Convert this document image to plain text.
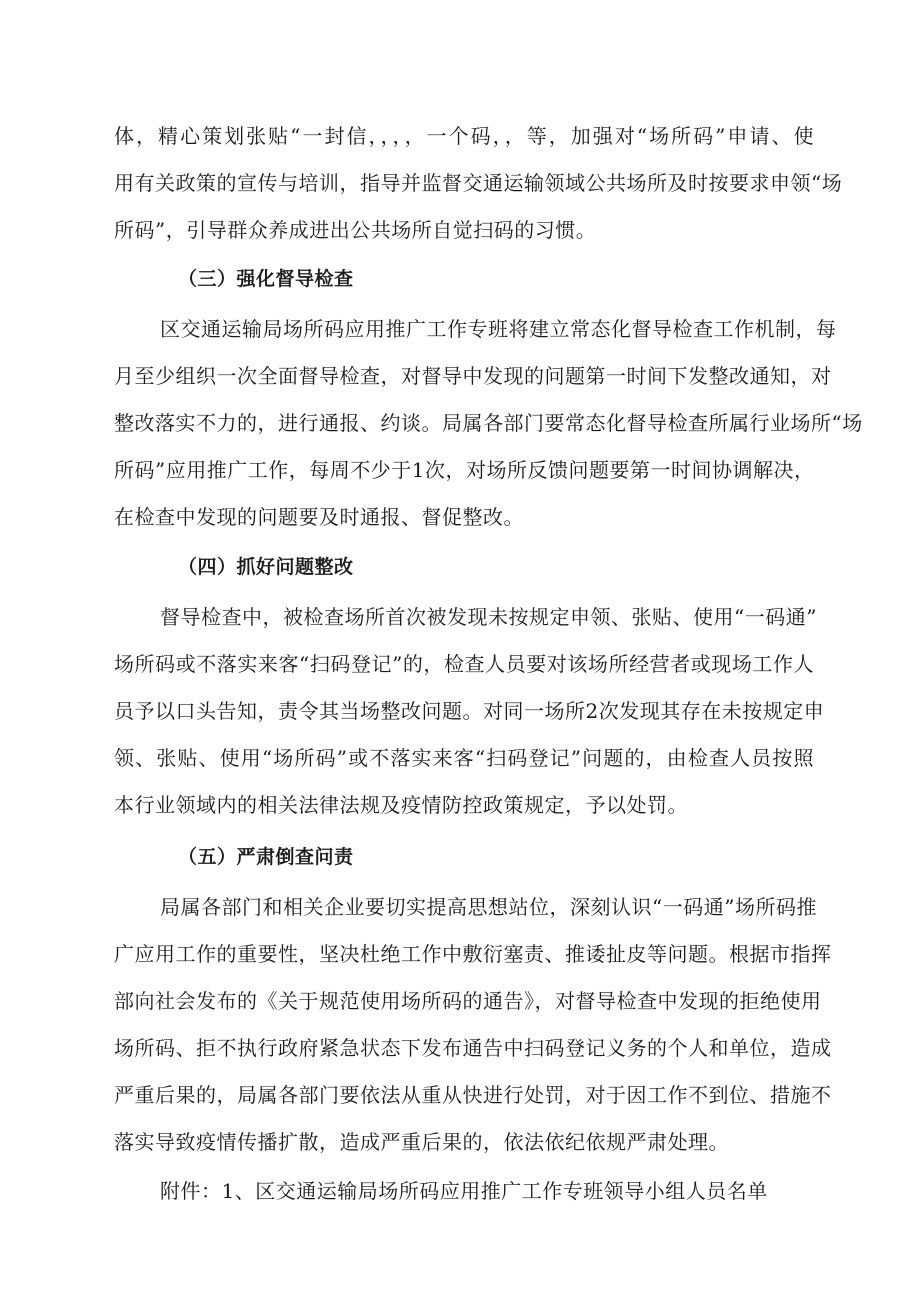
体，精心策划张贴“一封信，，，，一个码，，等，加强对“场所码”申请、使
用有关政策的宣传与培训，指导并监督交通运输领域公共场所及时按要求申领“场
所码”，引导群众养成进出公共场所自觉扫码的习惯。
（三）强化督导检查
区交通运输局场所码应用推广工作专班将建立常态化督导检查工作机制，每
月至少组织一次全面督导检查，对督导中发现的问题第一时间下发整改通知，对
整改落实不力的，进行通报、约谈。局属各部门要常态化督导检查所属行业场所“场
所码”应用推广工作，每周不少于1次，对场所反馈问题要第一时间协调解决，
在检查中发现的问题要及时通报、督促整改。
（四）抓好问题整改
督导检查中，被检查场所首次被发现未按规定申领、张贴、使用“一码通”
场所码或不落实来客“扫码登记”的，检查人员要对该场所经营者或现场工作人
员予以口头告知，责令其当场整改问题。对同一场所2次发现其存在未按规定申
领、张贴、使用“场所码”或不落实来客“扫码登记”问题的，由检查人员按照
本行业领域内的相关法律法规及疫情防控政策规定，予以处罚。
（五）严肃倒查问责
局属各部门和相关企业要切实提高思想站位，深刻认识“一码通”场所码推
广应用工作的重要性，坚决杜绝工作中敷衍塞责、推诿扯皮等问题。根据市指挥
部向社会发布的《关于规范使用场所码的通告》，对督导检查中发现的拒绝使用
场所码、拒不执行政府紧急状态下发布通告中扫码登记义务的个人和单位，造成
严重后果的，局属各部门要依法从重从快进行处罚，对于因工作不到位、措施不
落实导致疫情传播扩散，造成严重后果的，依法依纪依规严肃处理。
附件：1、区交通运输局场所码应用推广工作专班领导小组人员名单
